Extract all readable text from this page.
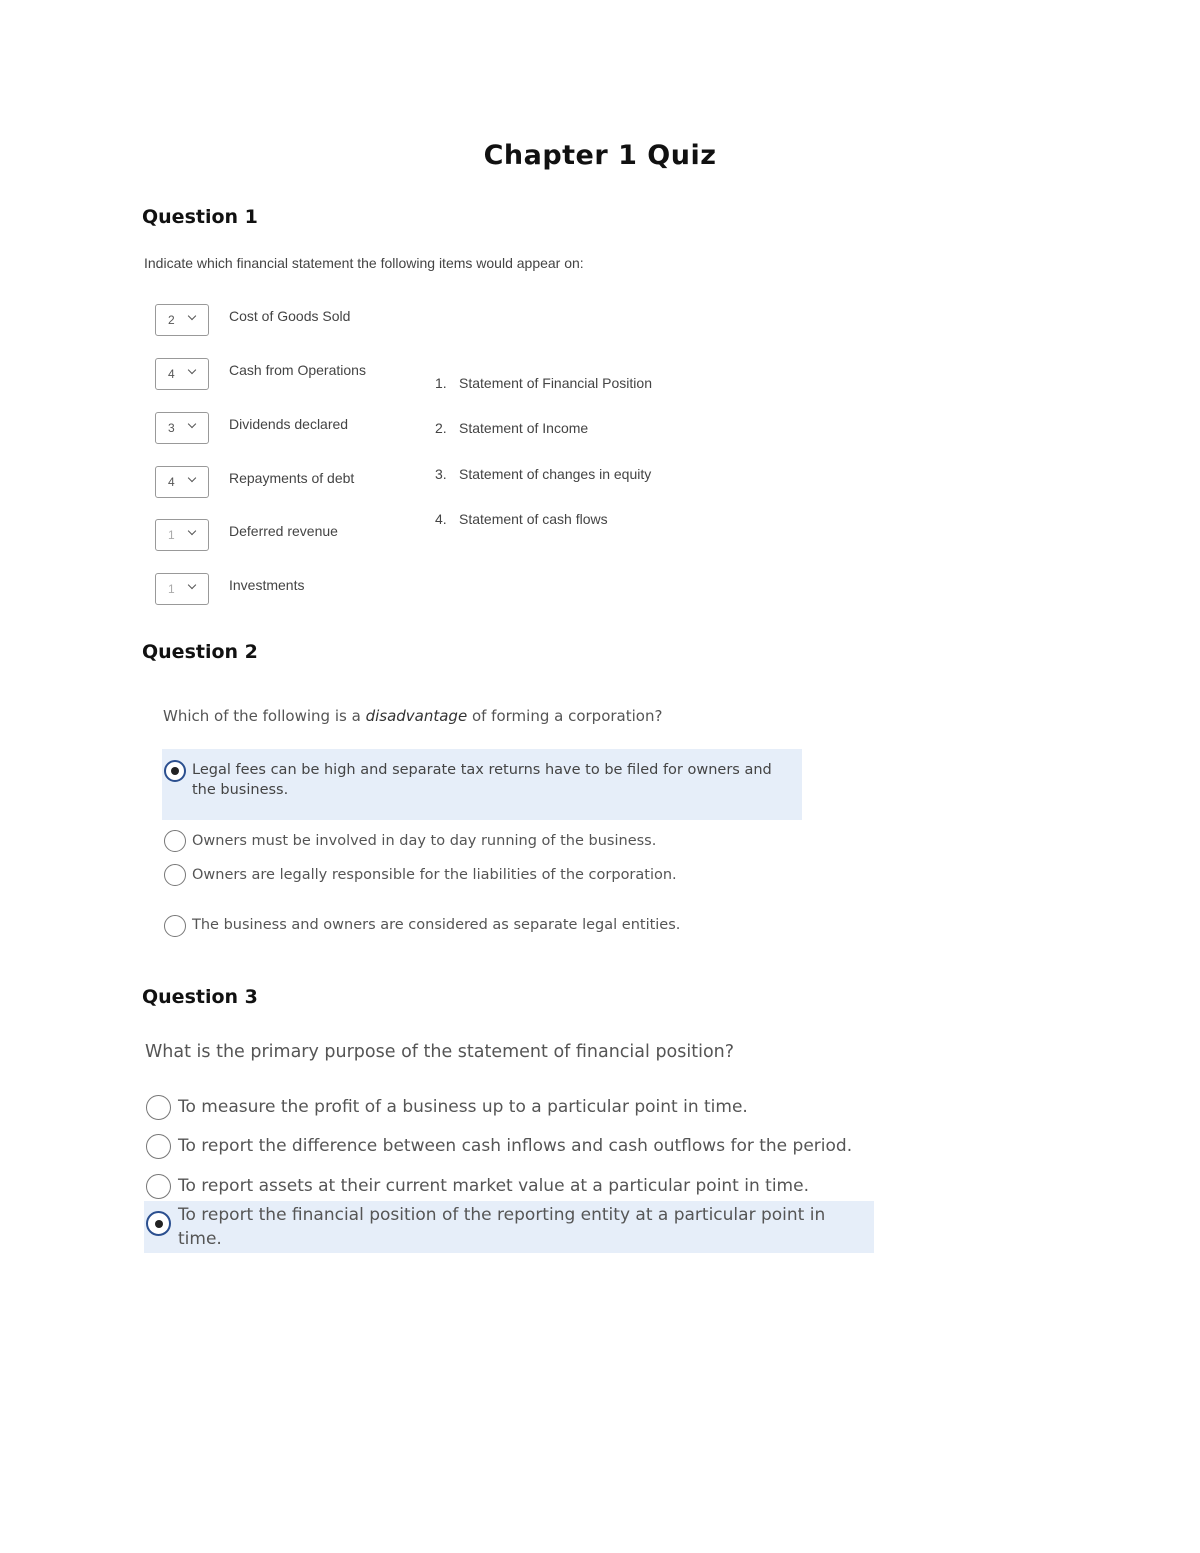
Chapter 1 Quiz
Question 1
Indicate which financial statement the following items would appear on:
2	Cost of Goods Sold
4	Cash from Operations
3	Dividends declared
4	Repayments of debt
1	Deferred revenue
1	Investments
1. Statement of Financial Position
2. Statement of Income
3. Statement of changes in equity
4. Statement of cash flows
Question 2
Which of the following is a disadvantage of forming a corporation?
Legal fees can be high and separate tax returns have to be filed for owners and
the business.
Owners must be involved in day to day running of the business.
Owners are legally responsible for the liabilities of the corporation.
The business and owners are considered as separate legal entities.
Question 3
What is the primary purpose of the statement of financial position?
To measure the profit of a business up to a particular point in time.
To report the difference between cash inflows and cash outflows for the period.
To report assets at their current market value at a particular point in time.
To report the financial position of the reporting entity at a particular point in
time.
